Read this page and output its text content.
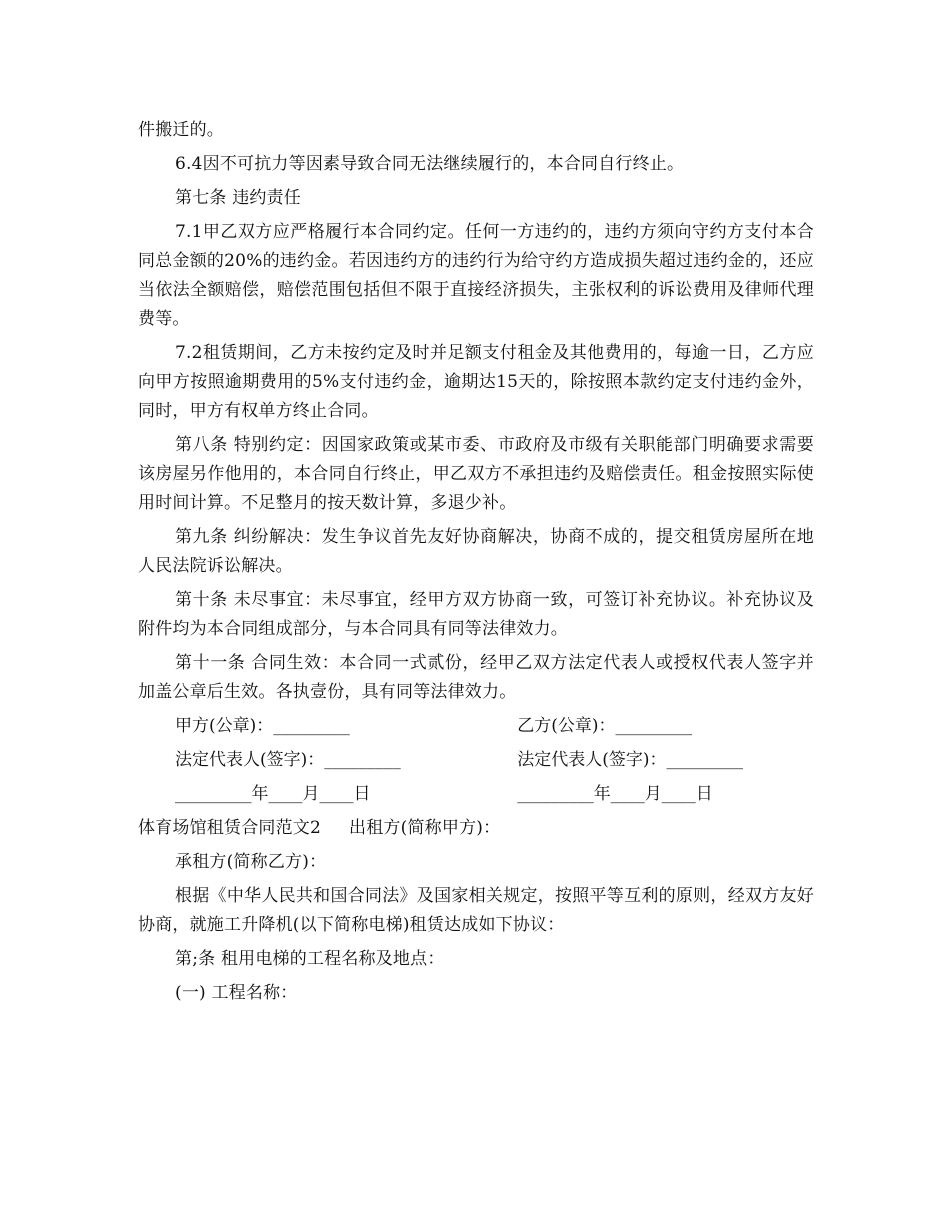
件搬迁的。

6.4因不可抗力等因素导致合同无法继续履行的，本合同自行终止。

第七条 违约责任

7.1甲乙双方应严格履行本合同约定。任何一方违约的，违约方须向守约方支付本合同总金额的20%的违约金。若因违约方的违约行为给守约方造成损失超过违约金的，还应当依法全额赔偿，赔偿范围包括但不限于直接经济损失，主张权利的诉讼费用及律师代理费等。

7.2租赁期间，乙方未按约定及时并足额支付租金及其他费用的，每逾一日，乙方应向甲方按照逾期费用的5%支付违约金，逾期达15天的，除按照本款约定支付违约金外，同时，甲方有权单方终止合同。

第八条 特别约定：因国家政策或某市委、市政府及市级有关职能部门明确要求需要该房屋另作他用的，本合同自行终止，甲乙双方不承担违约及赔偿责任。租金按照实际使用时间计算。不足整月的按天数计算，多退少补。

第九条 纠纷解决：发生争议首先友好协商解决，协商不成的，提交租赁房屋所在地人民法院诉讼解决。

第十条 未尽事宜：未尽事宜，经甲方双方协商一致，可签订补充协议。补充协议及附件均为本合同组成部分，与本合同具有同等法律效力。

第十一条 合同生效：本合同一式贰份，经甲乙双方法定代表人或授权代表人签字并加盖公章后生效。各执壹份，具有同等法律效力。

甲方(公章)：_________	乙方(公章)：_________
法定代表人(签字)：_________	法定代表人(签字)：_________
_________年____月____日	_________年____月____日

体育场馆租赁合同范文2     出租方(简称甲方)：

承租方(简称乙方)：

根据《中华人民共和国合同法》及国家相关规定，按照平等互利的原则，经双方友好协商，就施工升降机(以下简称电梯)租赁达成如下协议：

第;条 租用电梯的工程名称及地点：

(一) 工程名称：
